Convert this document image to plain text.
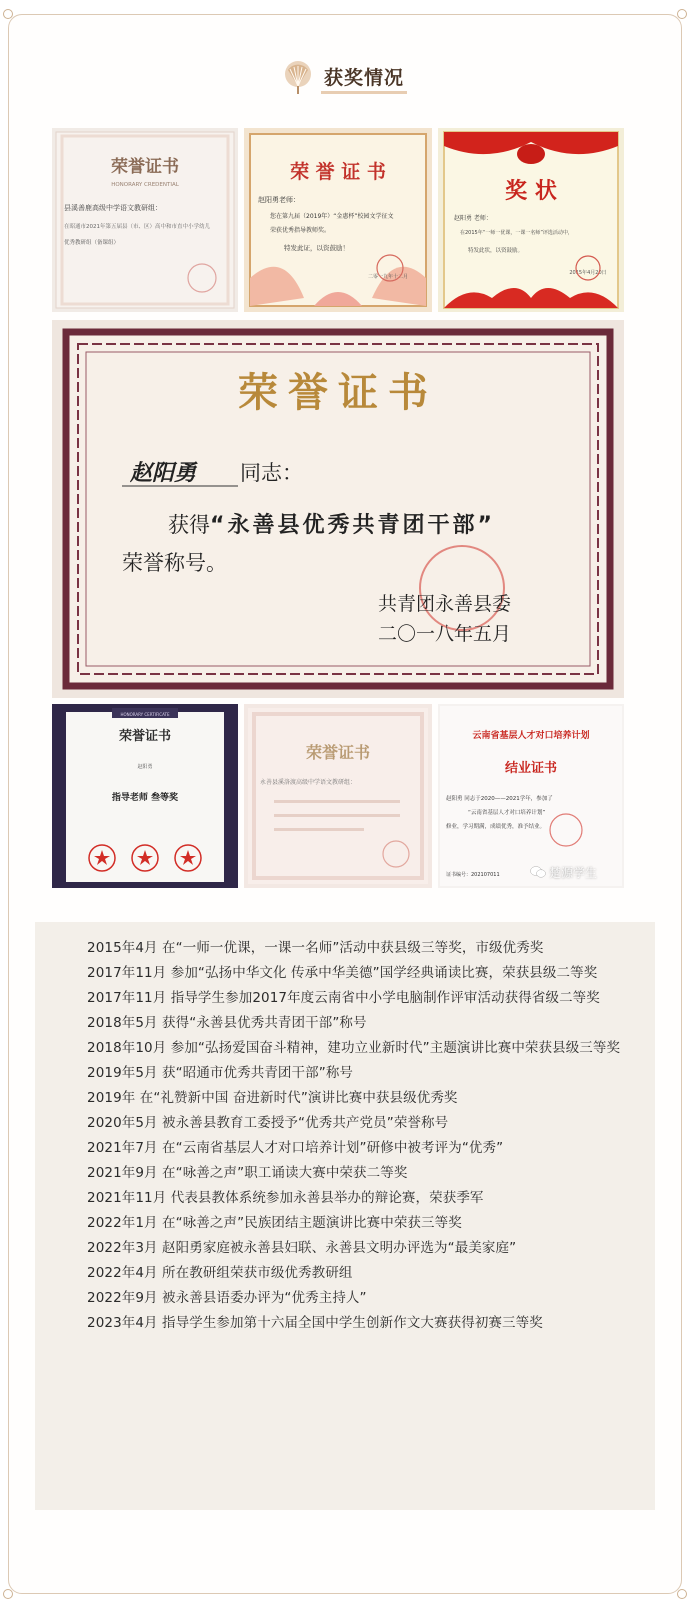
获奖情况
荣誉证书
HONORARY CREDENTIAL
县溪善鹿高级中学语文教研组：
在昭通市2021年第五届县（市、区）高中和市直中小学幼儿
优秀教研组（备课组）
荣 誉 证 书
赵阳勇老师：
您在第九届（2019年）“金惠杯”校园文学征文
荣获优秀指导教师奖。
特发此证，以资鼓励！
二零一九年十二月
奖 状
赵阳勇 老师：
在2015年“一师一优课，一课一名师”评选活动中，
特发此状，以资鼓励。
2015年4月20日
荣誉证书
赵阳勇 同志：
获得 “永善县优秀共青团干部”
荣誉称号。
共青团永善县委
二〇一八年五月
HONORARY CERTIFICATE
荣誉证书
赵阳勇
指导老师 叁等奖
荣誉证书
永善县溪洛渡高级中学语文教研组：
云南省基层人才对口培养计划
结业证书
赵阳勇 同志于2020——2021学年，参加了
“云南省基层人才对口培养计划”
修业，学习期满，成绩优秀，准予结业。
证书编号：202107011	楚源学生

2015年4月 在“一师一优课，一课一名师”活动中获县级三等奖，市级优秀奖

2017年11月 参加“弘扬中华文化 传承中华美德”国学经典诵读比赛，荣获县级二等奖

2017年11月 指导学生参加2017年度云南省中小学电脑制作评审活动获得省级二等奖

2018年5月 获得“永善县优秀共青团干部”称号

2018年10月 参加“弘扬爱国奋斗精神，建功立业新时代”主题演讲比赛中荣获县级三等奖

2019年5月 获“昭通市优秀共青团干部”称号

2019年 在“礼赞新中国 奋进新时代”演讲比赛中获县级优秀奖

2020年5月 被永善县教育工委授予“优秀共产党员”荣誉称号

2021年7月 在“云南省基层人才对口培养计划”研修中被考评为“优秀”

2021年9月 在“咏善之声”职工诵读大赛中荣获二等奖

2021年11月 代表县教体系统参加永善县举办的辩论赛，荣获季军

2022年1月 在“咏善之声”民族团结主题演讲比赛中荣获三等奖

2022年3月 赵阳勇家庭被永善县妇联、永善县文明办评选为“最美家庭”

2022年4月 所在教研组荣获市级优秀教研组

2022年9月 被永善县语委办评为“优秀主持人”

2023年4月 指导学生参加第十六届全国中学生创新作文大赛获得初赛三等奖
